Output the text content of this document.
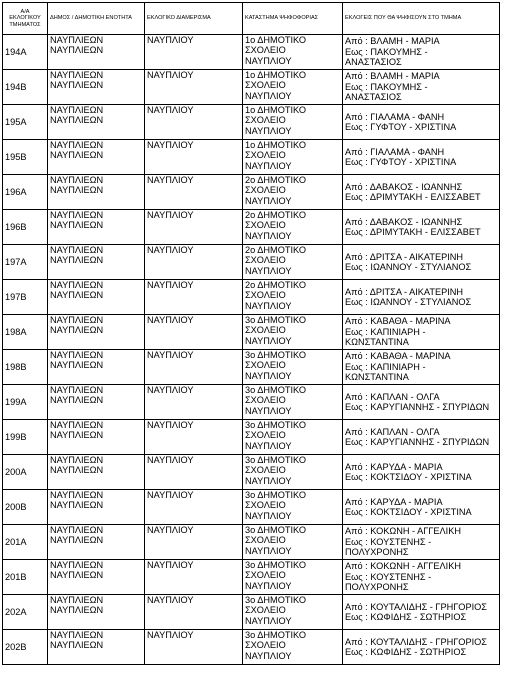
Α/Α
ΕΚΛΟΓΙΚΟΥ
ΤΜΗΜΑΤΟΣ	ΔΗΜΟΣ / ΔΗΜΟΤΙΚΗ ΕΝΟΤΗΤΑ	ΕΚΛΟΓΙΚΟ ΔΙΑΜΕΡΙΣΜΑ	ΚΑΤΑΣΤΗΜΑ ΨΗΦΟΦΟΡΙΑΣ	ΕΚΛΟΓΕΙΣ ΠΟΥ ΘΑ ΨΗΦΙΣΟΥΝ ΣΤΟ ΤΜΗΜΑ
194Α	ΝΑΥΠΛΙΕΩΝ
ΝΑΥΠΛΙΕΩΝ	ΝΑΥΠΛΙΟΥ	1ο ΔΗΜΟΤΙΚΟ
ΣΧΟΛΕΙΟ
ΝΑΥΠΛΙΟΥ	Από : ΒΛΑΜΗ - ΜΑΡΙΑ
Εως : ΠΑΚΟΥΜΗΣ -
ΑΝΑΣΤΑΣΙΟΣ
194Β	ΝΑΥΠΛΙΕΩΝ
ΝΑΥΠΛΙΕΩΝ	ΝΑΥΠΛΙΟΥ	1ο ΔΗΜΟΤΙΚΟ
ΣΧΟΛΕΙΟ
ΝΑΥΠΛΙΟΥ	Από : ΒΛΑΜΗ - ΜΑΡΙΑ
Εως : ΠΑΚΟΥΜΗΣ -
ΑΝΑΣΤΑΣΙΟΣ
195Α	ΝΑΥΠΛΙΕΩΝ
ΝΑΥΠΛΙΕΩΝ	ΝΑΥΠΛΙΟΥ	1ο ΔΗΜΟΤΙΚΟ
ΣΧΟΛΕΙΟ
ΝΑΥΠΛΙΟΥ	Από : ΓΙΑΛΑΜΑ - ΦΑΝΗ
Εως : ΓΥΦΤΟΥ - ΧΡΙΣΤΙΝΑ
195Β	ΝΑΥΠΛΙΕΩΝ
ΝΑΥΠΛΙΕΩΝ	ΝΑΥΠΛΙΟΥ	1ο ΔΗΜΟΤΙΚΟ
ΣΧΟΛΕΙΟ
ΝΑΥΠΛΙΟΥ	Από : ΓΙΑΛΑΜΑ - ΦΑΝΗ
Εως : ΓΥΦΤΟΥ - ΧΡΙΣΤΙΝΑ
196Α	ΝΑΥΠΛΙΕΩΝ
ΝΑΥΠΛΙΕΩΝ	ΝΑΥΠΛΙΟΥ	2ο ΔΗΜΟΤΙΚΟ
ΣΧΟΛΕΙΟ
ΝΑΥΠΛΙΟΥ	Από : ΔΑΒΑΚΟΣ - ΙΩΑΝΝΗΣ
Εως : ΔΡΙΜΥΤΑΚΗ - ΕΛΙΣΣΑΒΕΤ
196Β	ΝΑΥΠΛΙΕΩΝ
ΝΑΥΠΛΙΕΩΝ	ΝΑΥΠΛΙΟΥ	2ο ΔΗΜΟΤΙΚΟ
ΣΧΟΛΕΙΟ
ΝΑΥΠΛΙΟΥ	Από : ΔΑΒΑΚΟΣ - ΙΩΑΝΝΗΣ
Εως : ΔΡΙΜΥΤΑΚΗ - ΕΛΙΣΣΑΒΕΤ
197Α	ΝΑΥΠΛΙΕΩΝ
ΝΑΥΠΛΙΕΩΝ	ΝΑΥΠΛΙΟΥ	2ο ΔΗΜΟΤΙΚΟ
ΣΧΟΛΕΙΟ
ΝΑΥΠΛΙΟΥ	Από : ΔΡΙΤΣΑ - ΑΙΚΑΤΕΡΙΝΗ
Εως : ΙΩΑΝΝΟΥ - ΣΤΥΛΙΑΝΟΣ
197Β	ΝΑΥΠΛΙΕΩΝ
ΝΑΥΠΛΙΕΩΝ	ΝΑΥΠΛΙΟΥ	2ο ΔΗΜΟΤΙΚΟ
ΣΧΟΛΕΙΟ
ΝΑΥΠΛΙΟΥ	Από : ΔΡΙΤΣΑ - ΑΙΚΑΤΕΡΙΝΗ
Εως : ΙΩΑΝΝΟΥ - ΣΤΥΛΙΑΝΟΣ
198Α	ΝΑΥΠΛΙΕΩΝ
ΝΑΥΠΛΙΕΩΝ	ΝΑΥΠΛΙΟΥ	3ο ΔΗΜΟΤΙΚΟ
ΣΧΟΛΕΙΟ
ΝΑΥΠΛΙΟΥ	Από : ΚΑΒΑΘΑ - ΜΑΡΙΝΑ
Εως : ΚΑΠΙΝΙΑΡΗ -
ΚΩΝΣΤΑΝΤΙΝΑ
198Β	ΝΑΥΠΛΙΕΩΝ
ΝΑΥΠΛΙΕΩΝ	ΝΑΥΠΛΙΟΥ	3ο ΔΗΜΟΤΙΚΟ
ΣΧΟΛΕΙΟ
ΝΑΥΠΛΙΟΥ	Από : ΚΑΒΑΘΑ - ΜΑΡΙΝΑ
Εως : ΚΑΠΙΝΙΑΡΗ -
ΚΩΝΣΤΑΝΤΙΝΑ
199Α	ΝΑΥΠΛΙΕΩΝ
ΝΑΥΠΛΙΕΩΝ	ΝΑΥΠΛΙΟΥ	3ο ΔΗΜΟΤΙΚΟ
ΣΧΟΛΕΙΟ
ΝΑΥΠΛΙΟΥ	Από : ΚΑΠΛΑΝ - ΟΛΓΑ
Εως : ΚΑΡΥΓΙΑΝΝΗΣ - ΣΠΥΡΙΔΩΝ
199Β	ΝΑΥΠΛΙΕΩΝ
ΝΑΥΠΛΙΕΩΝ	ΝΑΥΠΛΙΟΥ	3ο ΔΗΜΟΤΙΚΟ
ΣΧΟΛΕΙΟ
ΝΑΥΠΛΙΟΥ	Από : ΚΑΠΛΑΝ - ΟΛΓΑ
Εως : ΚΑΡΥΓΙΑΝΝΗΣ - ΣΠΥΡΙΔΩΝ
200Α	ΝΑΥΠΛΙΕΩΝ
ΝΑΥΠΛΙΕΩΝ	ΝΑΥΠΛΙΟΥ	3ο ΔΗΜΟΤΙΚΟ
ΣΧΟΛΕΙΟ
ΝΑΥΠΛΙΟΥ	Από : ΚΑΡΥΔΑ - ΜΑΡΙΑ
Εως : ΚΟΚΤΣΙΔΟΥ - ΧΡΙΣΤΙΝΑ
200Β	ΝΑΥΠΛΙΕΩΝ
ΝΑΥΠΛΙΕΩΝ	ΝΑΥΠΛΙΟΥ	3ο ΔΗΜΟΤΙΚΟ
ΣΧΟΛΕΙΟ
ΝΑΥΠΛΙΟΥ	Από : ΚΑΡΥΔΑ - ΜΑΡΙΑ
Εως : ΚΟΚΤΣΙΔΟΥ - ΧΡΙΣΤΙΝΑ
201Α	ΝΑΥΠΛΙΕΩΝ
ΝΑΥΠΛΙΕΩΝ	ΝΑΥΠΛΙΟΥ	3ο ΔΗΜΟΤΙΚΟ
ΣΧΟΛΕΙΟ
ΝΑΥΠΛΙΟΥ	Από : ΚΟΚΩΝΗ - ΑΓΓΕΛΙΚΗ
Εως : ΚΟΥΣΤΕΝΗΣ -
ΠΟΛΥΧΡΟΝΗΣ
201Β	ΝΑΥΠΛΙΕΩΝ
ΝΑΥΠΛΙΕΩΝ	ΝΑΥΠΛΙΟΥ	3ο ΔΗΜΟΤΙΚΟ
ΣΧΟΛΕΙΟ
ΝΑΥΠΛΙΟΥ	Από : ΚΟΚΩΝΗ - ΑΓΓΕΛΙΚΗ
Εως : ΚΟΥΣΤΕΝΗΣ -
ΠΟΛΥΧΡΟΝΗΣ
202Α	ΝΑΥΠΛΙΕΩΝ
ΝΑΥΠΛΙΕΩΝ	ΝΑΥΠΛΙΟΥ	3ο ΔΗΜΟΤΙΚΟ
ΣΧΟΛΕΙΟ
ΝΑΥΠΛΙΟΥ	Από : ΚΟΥΤΑΛΙΔΗΣ - ΓΡΗΓΟΡΙΟΣ
Εως : ΚΩΦΙΔΗΣ - ΣΩΤΗΡΙΟΣ
202Β	ΝΑΥΠΛΙΕΩΝ
ΝΑΥΠΛΙΕΩΝ	ΝΑΥΠΛΙΟΥ	3ο ΔΗΜΟΤΙΚΟ
ΣΧΟΛΕΙΟ
ΝΑΥΠΛΙΟΥ	Από : ΚΟΥΤΑΛΙΔΗΣ - ΓΡΗΓΟΡΙΟΣ
Εως : ΚΩΦΙΔΗΣ - ΣΩΤΗΡΙΟΣ
